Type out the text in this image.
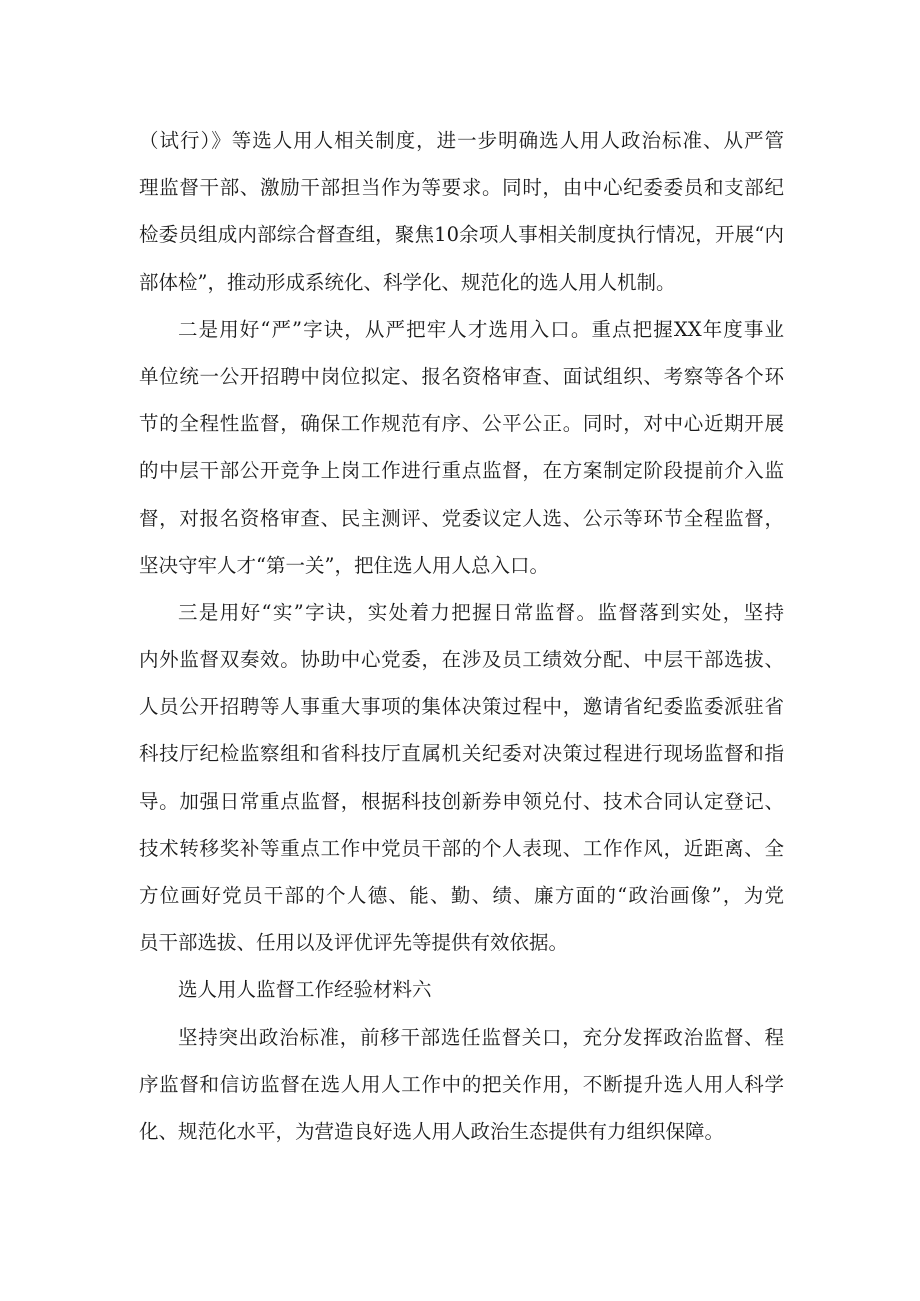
（试行）》等选人用人相关制度，进一步明确选人用人政治标准、从严管
理监督干部、激励干部担当作为等要求。同时，由中心纪委委员和支部纪
检委员组成内部综合督查组，聚焦10余项人事相关制度执行情况，开展“内
部体检”，推动形成系统化、科学化、规范化的选人用人机制。
二是用好“严”字诀，从严把牢人才选用入口。重点把握XX年度事业
单位统一公开招聘中岗位拟定、报名资格审查、面试组织、考察等各个环
节的全程性监督，确保工作规范有序、公平公正。同时，对中心近期开展
的中层干部公开竞争上岗工作进行重点监督，在方案制定阶段提前介入监
督，对报名资格审查、民主测评、党委议定人选、公示等环节全程监督，
坚决守牢人才“第一关”，把住选人用人总入口。
三是用好“实”字诀，实处着力把握日常监督。监督落到实处，坚持
内外监督双奏效。协助中心党委，在涉及员工绩效分配、中层干部选拔、
人员公开招聘等人事重大事项的集体决策过程中，邀请省纪委监委派驻省
科技厅纪检监察组和省科技厅直属机关纪委对决策过程进行现场监督和指
导。加强日常重点监督，根据科技创新券申领兑付、技术合同认定登记、
技术转移奖补等重点工作中党员干部的个人表现、工作作风，近距离、全
方位画好党员干部的个人德、能、勤、绩、廉方面的“政治画像”，为党
员干部选拔、任用以及评优评先等提供有效依据。
选人用人监督工作经验材料六
坚持突出政治标准，前移干部选任监督关口，充分发挥政治监督、程
序监督和信访监督在选人用人工作中的把关作用，不断提升选人用人科学
化、规范化水平，为营造良好选人用人政治生态提供有力组织保障。
